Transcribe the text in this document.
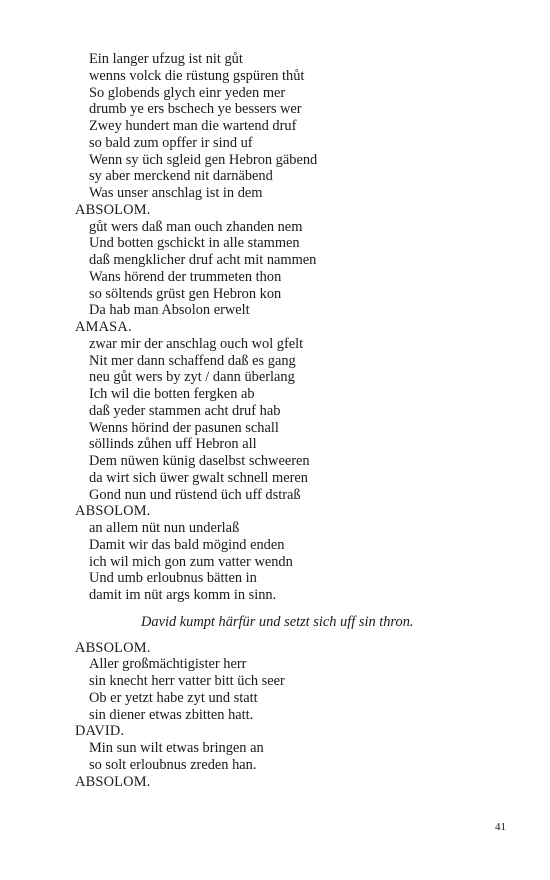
Ein langer ufzug ist nit gůt
wenns volck die rüstung gspüren thůt
So globends glych einr yeden mer
drumb ye ers bschech ye bessers wer
Zwey hundert man die wartend druf
so bald zum opffer ir sind uf
Wenn sy üch sgleid gen Hebron gäbend
sy aber merckend nit darnäbend
Was unser anschlag ist in dem
ABSOLOM.
gůt wers daß man ouch zhanden nem
Und botten gschickt in alle stammen
daß mengklicher druf acht mit nammen
Wans hörend der trummeten thon
so söltends grüst gen Hebron kon
Da hab man Absolon erwelt
AMASA.
zwar mir der anschlag ouch wol gfelt
Nit mer dann schaffend daß es gang
neu gůt wers by zyt / dann überlang
Ich wil die botten fergken ab
daß yeder stammen acht druf hab
Wenns hörind der pasunen schall
söllinds zůhen uff Hebron all
Dem nüwen künig daselbst schweeren
da wirt sich üwer gwalt schnell meren
Gond nun und rüstend üch uff dstraß
ABSOLOM.
an allem nüt nun underlaß
Damit wir das bald mögind enden
ich wil mich gon zum vatter wendn
Und umb erloubnus bätten in
damit im nüt args komm in sinn.
David kumpt härfür und setzt sich uff sin thron.
ABSOLOM.
Aller großmächtigister herr
sin knecht herr vatter bitt üch seer
Ob er yetzt habe zyt und statt
sin diener etwas zbitten hatt.
DAVID.
Min sun wilt etwas bringen an
so solt erloubnus zreden han.
ABSOLOM.
41
